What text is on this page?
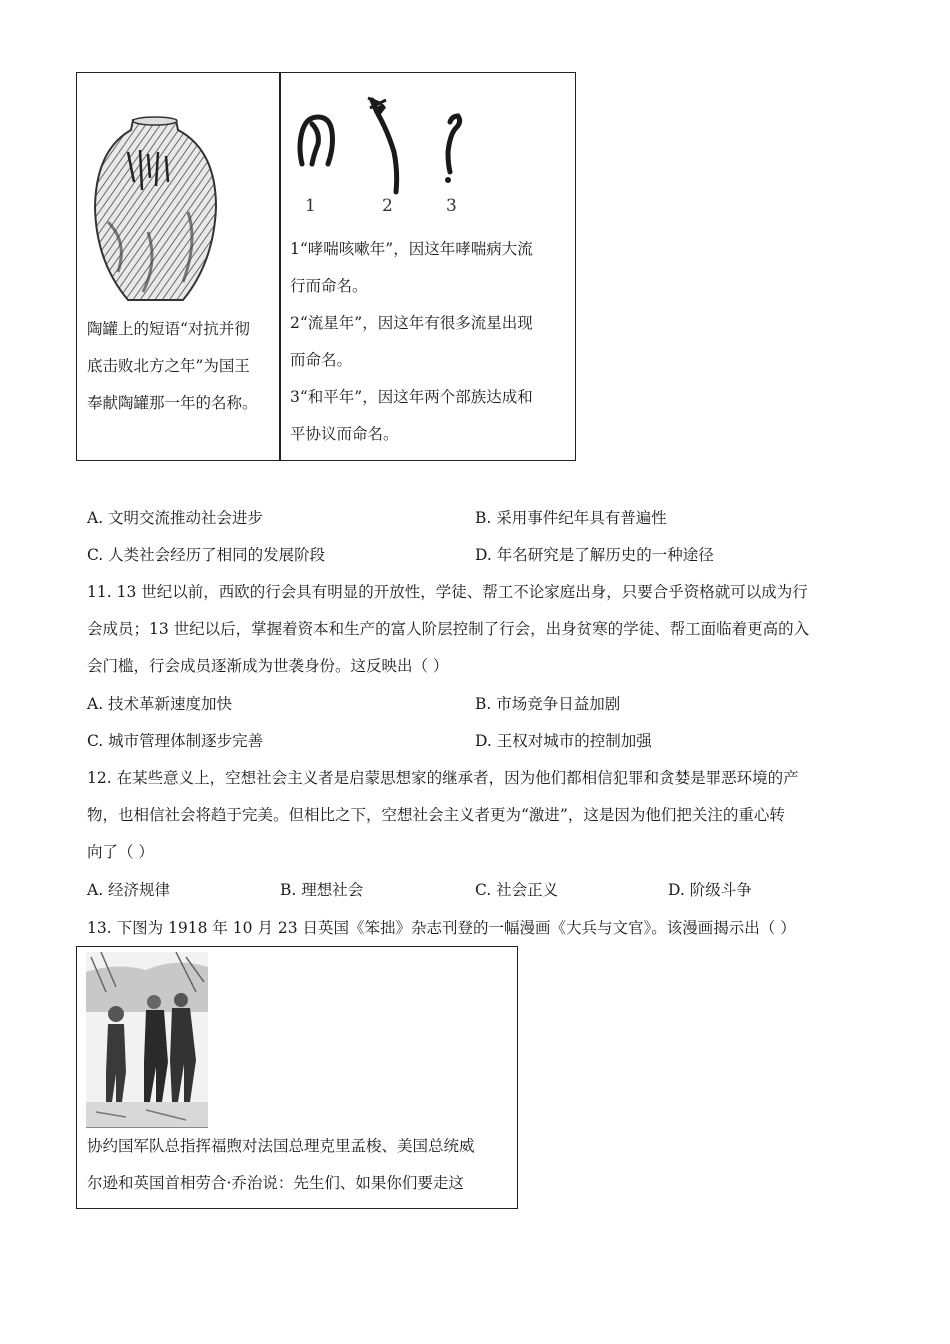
陶罐上的短语“对抗并彻
底击败北方之年”为国王
奉献陶罐那一年的名称。
1	2	3
1“哮喘咳嗽年”，因这年哮喘病大流
行而命名。
2“流星年”，因这年有很多流星出现
而命名。
3“和平年”，因这年两个部族达成和
平协议而命名。
A. 文明交流推动社会进步	B. 采用事件纪年具有普遍性
C. 人类社会经历了相同的发展阶段	D. 年名研究是了解历史的一种途径
11. 13 世纪以前，西欧的行会具有明显的开放性，学徒、帮工不论家庭出身，只要合乎资格就可以成为行
会成员；13 世纪以后，掌握着资本和生产的富人阶层控制了行会，出身贫寒的学徒、帮工面临着更高的入
会门槛，行会成员逐渐成为世袭身份。这反映出（ ）
A. 技术革新速度加快	B. 市场竞争日益加剧
C. 城市管理体制逐步完善	D. 王权对城市的控制加强
12. 在某些意义上，空想社会主义者是启蒙思想家的继承者，因为他们都相信犯罪和贪婪是罪恶环境的产
物，也相信社会将趋于完美。但相比之下，空想社会主义者更为“激进”，这是因为他们把关注的重心转
向了（ ）
A. 经济规律	B. 理想社会	C. 社会正义	D. 阶级斗争
13. 下图为 1918 年 10 月 23 日英国《笨拙》杂志刊登的一幅漫画《大兵与文官》。该漫画揭示出（ ）
协约国军队总指挥福煦对法国总理克里孟梭、美国总统威
尔逊和英国首相劳合·乔治说：先生们、如果你们要走这
